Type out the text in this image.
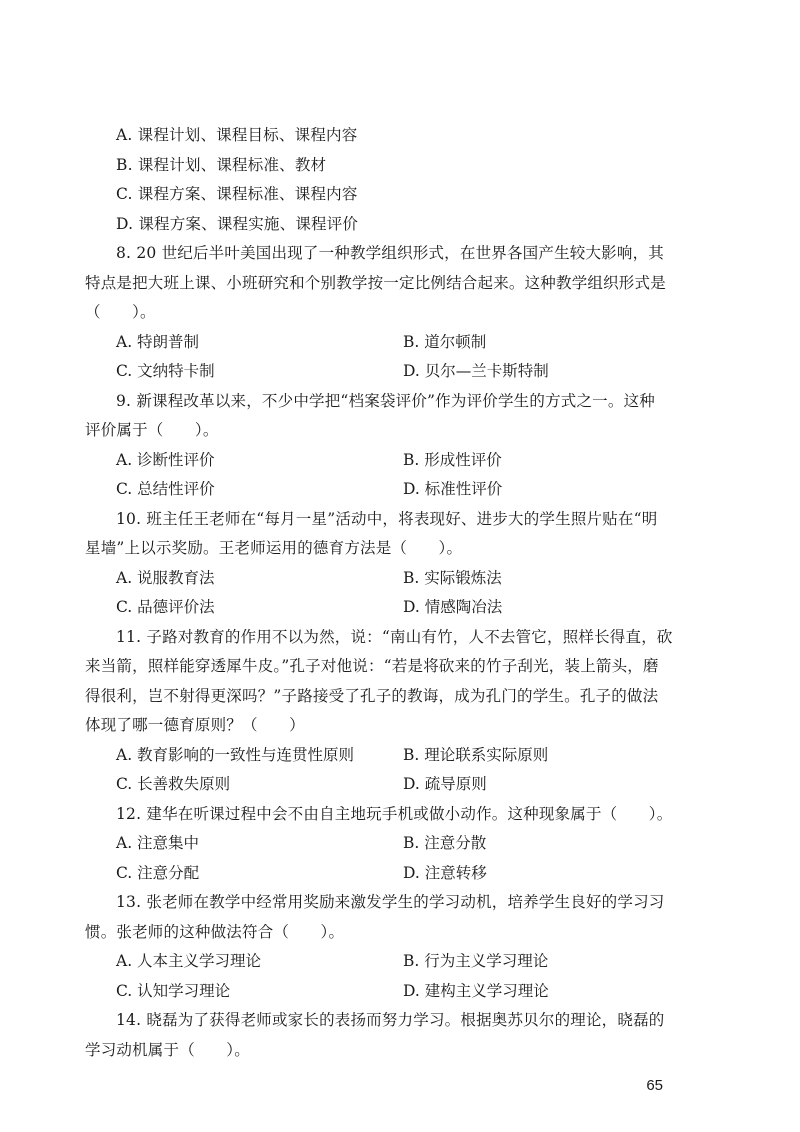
A. 课程计划、课程目标、课程内容
B. 课程计划、课程标准、教材
C. 课程方案、课程标准、课程内容
D. 课程方案、课程实施、课程评价
8. 20 世纪后半叶美国出现了一种教学组织形式，在世界各国产生较大影响，其
特点是把大班上课、小班研究和个别教学按一定比例结合起来。这种教学组织形式是
（　　）。
A. 特朗普制	B. 道尔顿制
C. 文纳特卡制	D. 贝尔—兰卡斯特制
9. 新课程改革以来，不少中学把“档案袋评价”作为评价学生的方式之一。这种
评价属于（　　）。
A. 诊断性评价	B. 形成性评价
C. 总结性评价	D. 标准性评价
10. 班主任王老师在“每月一星”活动中，将表现好、进步大的学生照片贴在“明
星墙”上以示奖励。王老师运用的德育方法是（　　）。
A. 说服教育法	B. 实际锻炼法
C. 品德评价法	D. 情感陶冶法
11. 子路对教育的作用不以为然，说：“南山有竹，人不去管它，照样长得直，砍
来当箭，照样能穿透犀牛皮。”孔子对他说：“若是将砍来的竹子刮光，装上箭头，磨
得很利，岂不射得更深吗？”子路接受了孔子的教诲，成为孔门的学生。孔子的做法
体现了哪一德育原则？（　　）
A. 教育影响的一致性与连贯性原则	B. 理论联系实际原则
C. 长善救失原则	D. 疏导原则
12. 建华在听课过程中会不由自主地玩手机或做小动作。这种现象属于（　　）。
A. 注意集中	B. 注意分散
C. 注意分配	D. 注意转移
13. 张老师在教学中经常用奖励来激发学生的学习动机，培养学生良好的学习习
惯。张老师的这种做法符合（　　）。
A. 人本主义学习理论	B. 行为主义学习理论
C. 认知学习理论	D. 建构主义学习理论
14. 晓磊为了获得老师或家长的表扬而努力学习。根据奥苏贝尔的理论，晓磊的
学习动机属于（　　）。
65
